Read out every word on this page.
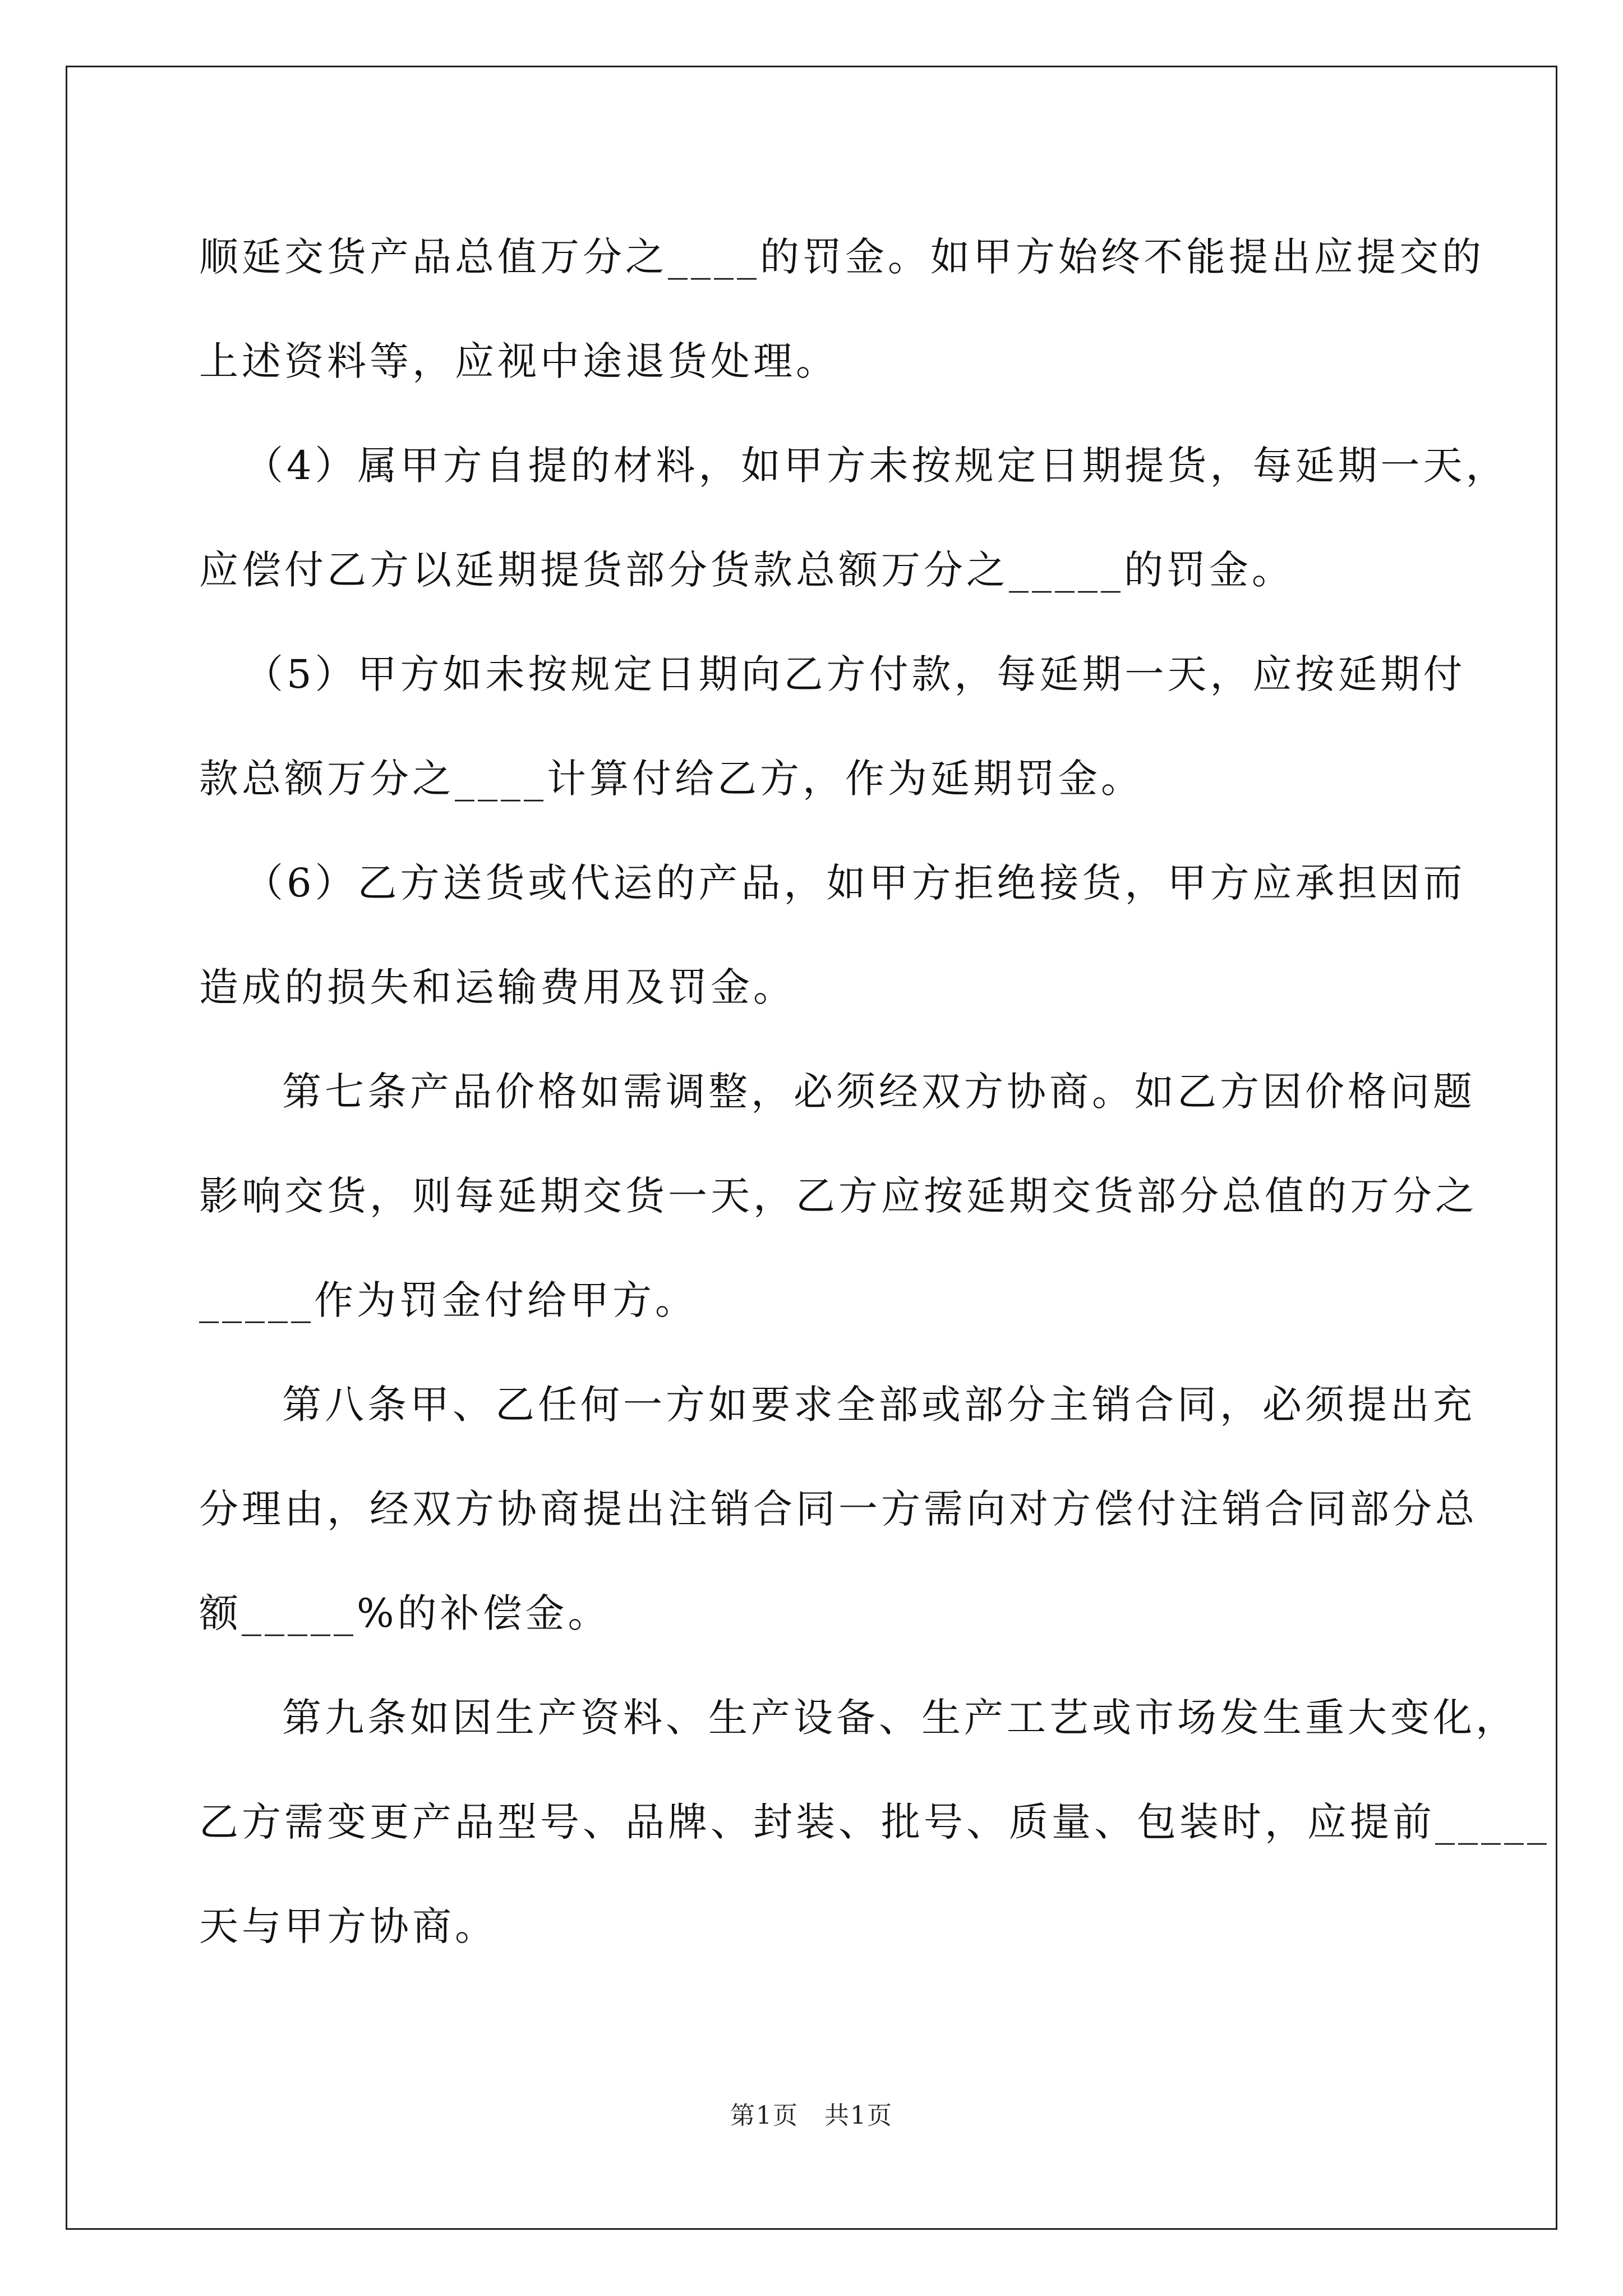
顺延交货产品总值万分之____的罚金。如甲方始终不能提出应提交的
上述资料等，应视中途退货处理。
（4）属甲方自提的材料，如甲方未按规定日期提货，每延期一天，
应偿付乙方以延期提货部分货款总额万分之_____的罚金。
（5）甲方如未按规定日期向乙方付款，每延期一天，应按延期付
款总额万分之____计算付给乙方，作为延期罚金。
（6）乙方送货或代运的产品，如甲方拒绝接货，甲方应承担因而
造成的损失和运输费用及罚金。
第七条产品价格如需调整，必须经双方协商。如乙方因价格问题
影响交货，则每延期交货一天，乙方应按延期交货部分总值的万分之
_____作为罚金付给甲方。
第八条甲、乙任何一方如要求全部或部分主销合同，必须提出充
分理由，经双方协商提出注销合同一方需向对方偿付注销合同部分总
额_____%的补偿金。
第九条如因生产资料、生产设备、生产工艺或市场发生重大变化，
乙方需变更产品型号、品牌、封装、批号、质量、包装时，应提前_____
天与甲方协商。
第1页　共1页
